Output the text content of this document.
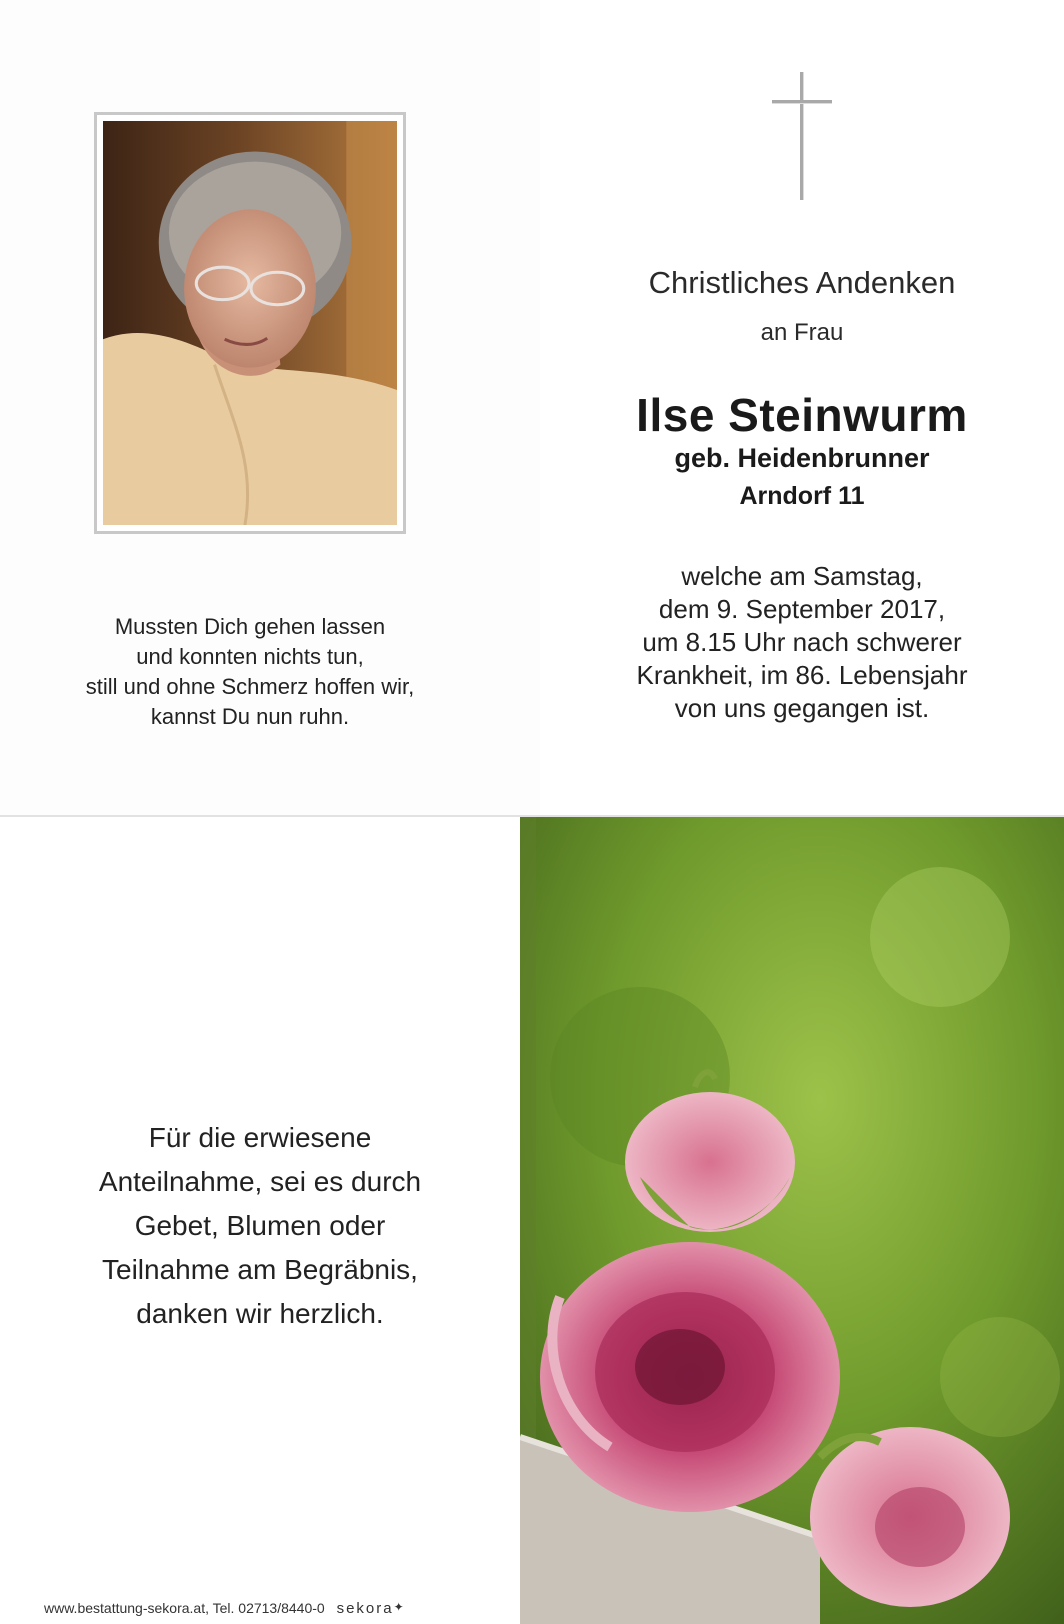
Mussten Dich gehen lassen
und konnten nichts tun,
still und ohne Schmerz hoffen wir,
kannst Du nun ruhn.
Christliches Andenken
an Frau
Ilse Steinwurm
geb. Heidenbrunner
Arndorf 11
welche am Samstag,
dem 9. September 2017,
um 8.15 Uhr nach schwerer
Krankheit, im 86. Lebensjahr
von uns gegangen ist.
Für die erwiesene
Anteilnahme, sei es durch
Gebet, Blumen oder
Teilnahme am Begräbnis,
danken wir herzlich.
www.bestattung-sekora.at, Tel. 02713/8440-0 sekora✦
